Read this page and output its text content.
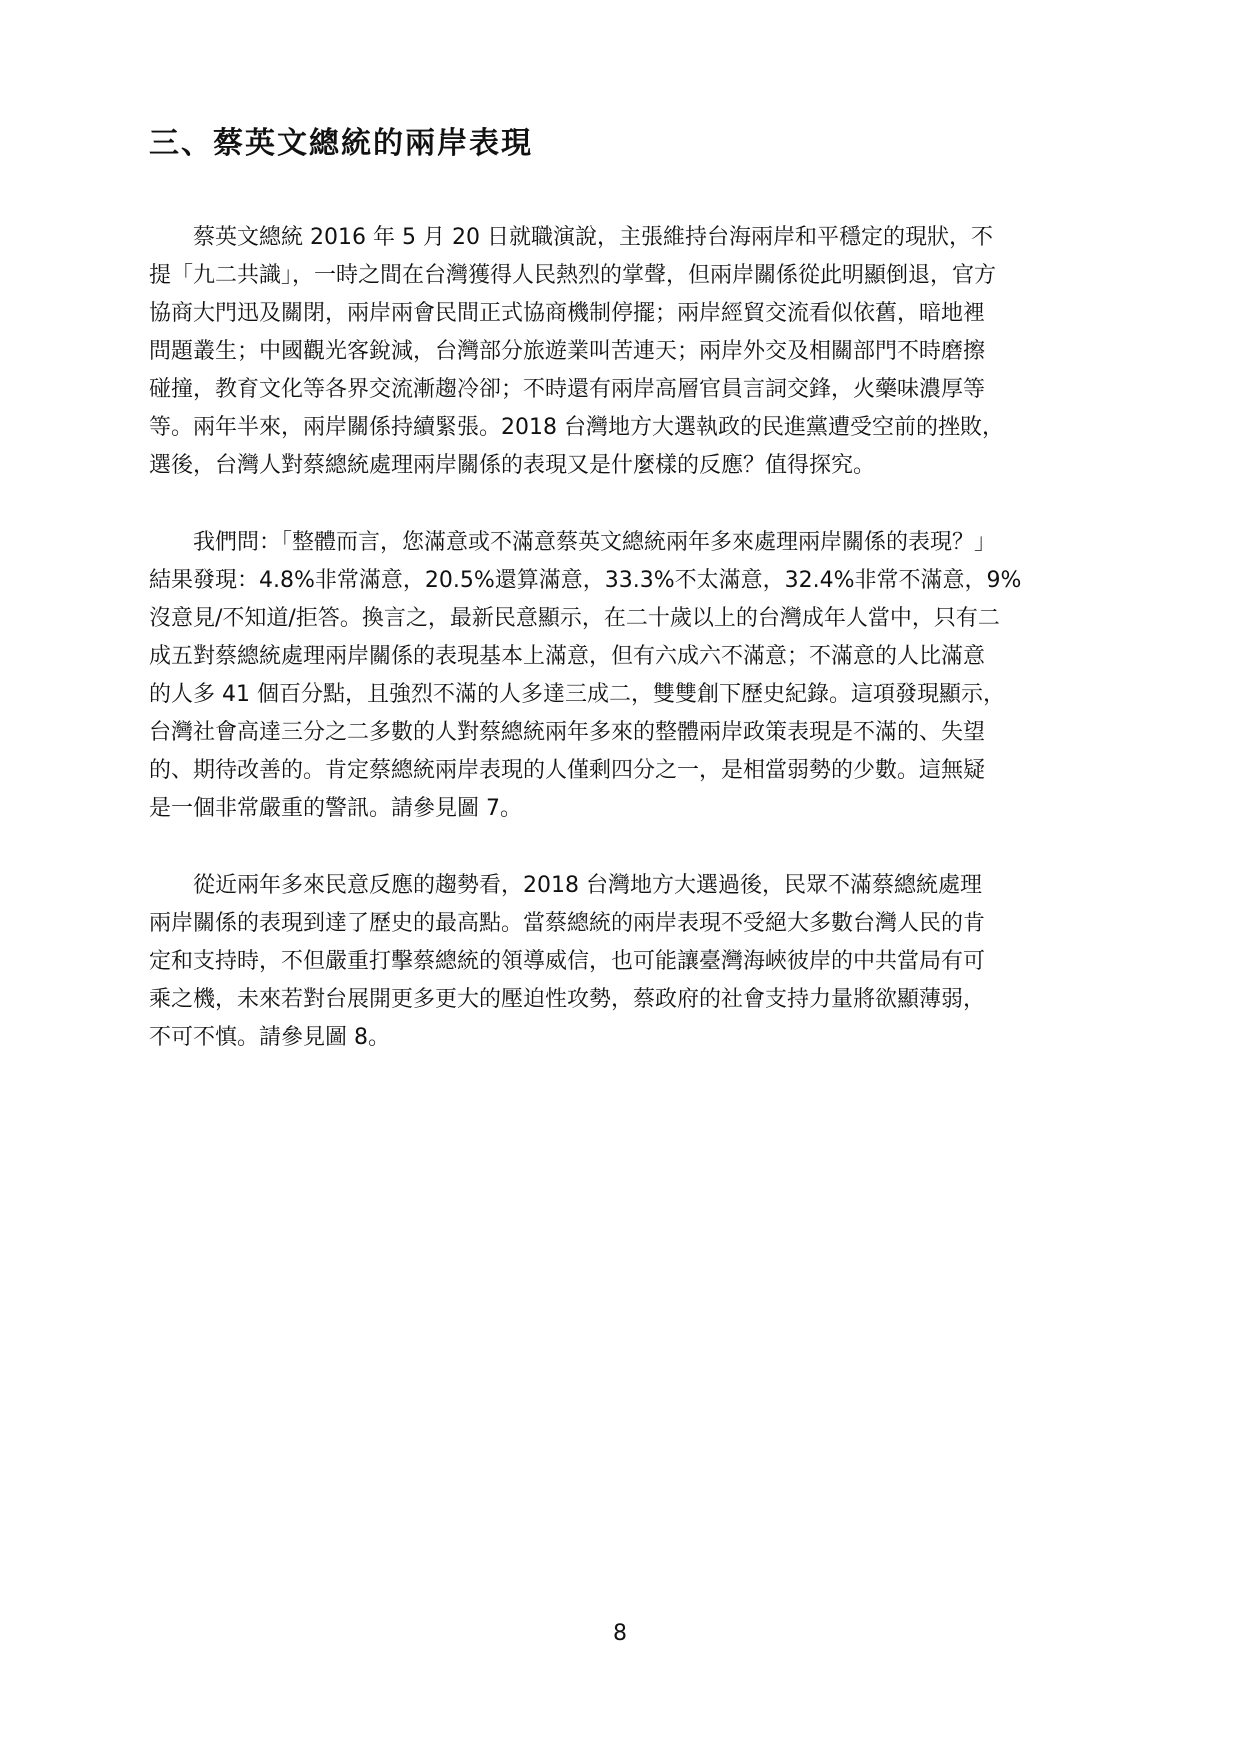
三、蔡英文總統的兩岸表現

　　蔡英文總統 2016 年 5 月 20 日就職演說，主張維持台海兩岸和平穩定的現狀，不
提「九二共識」，一時之間在台灣獲得人民熱烈的掌聲，但兩岸關係從此明顯倒退，官方
協商大門迅及關閉，兩岸兩會民間正式協商機制停擺；兩岸經貿交流看似依舊，暗地裡
問題叢生；中國觀光客銳減，台灣部分旅遊業叫苦連天；兩岸外交及相關部門不時磨擦
碰撞，教育文化等各界交流漸趨冷卻；不時還有兩岸高層官員言詞交鋒，火藥味濃厚等
等。兩年半來，兩岸關係持續緊張。2018 台灣地方大選執政的民進黨遭受空前的挫敗，
選後，台灣人對蔡總統處理兩岸關係的表現又是什麼樣的反應？值得探究。

　　我們問：「整體而言，您滿意或不滿意蔡英文總統兩年多來處理兩岸關係的表現？」
結果發現：4.8%非常滿意，20.5%還算滿意，33.3%不太滿意，32.4%非常不滿意，9%
沒意見/不知道/拒答。換言之，最新民意顯示，在二十歲以上的台灣成年人當中，只有二
成五對蔡總統處理兩岸關係的表現基本上滿意，但有六成六不滿意；不滿意的人比滿意
的人多 41 個百分點，且強烈不滿的人多達三成二，雙雙創下歷史紀錄。這項發現顯示，
台灣社會高達三分之二多數的人對蔡總統兩年多來的整體兩岸政策表現是不滿的、失望
的、期待改善的。肯定蔡總統兩岸表現的人僅剩四分之一，是相當弱勢的少數。這無疑
是一個非常嚴重的警訊。請參見圖 7。

　　從近兩年多來民意反應的趨勢看，2018 台灣地方大選過後，民眾不滿蔡總統處理
兩岸關係的表現到達了歷史的最高點。當蔡總統的兩岸表現不受絕大多數台灣人民的肯
定和支持時，不但嚴重打擊蔡總統的領導威信，也可能讓臺灣海峽彼岸的中共當局有可
乘之機，未來若對台展開更多更大的壓迫性攻勢，蔡政府的社會支持力量將欲顯薄弱，
不可不慎。請參見圖 8。

8
